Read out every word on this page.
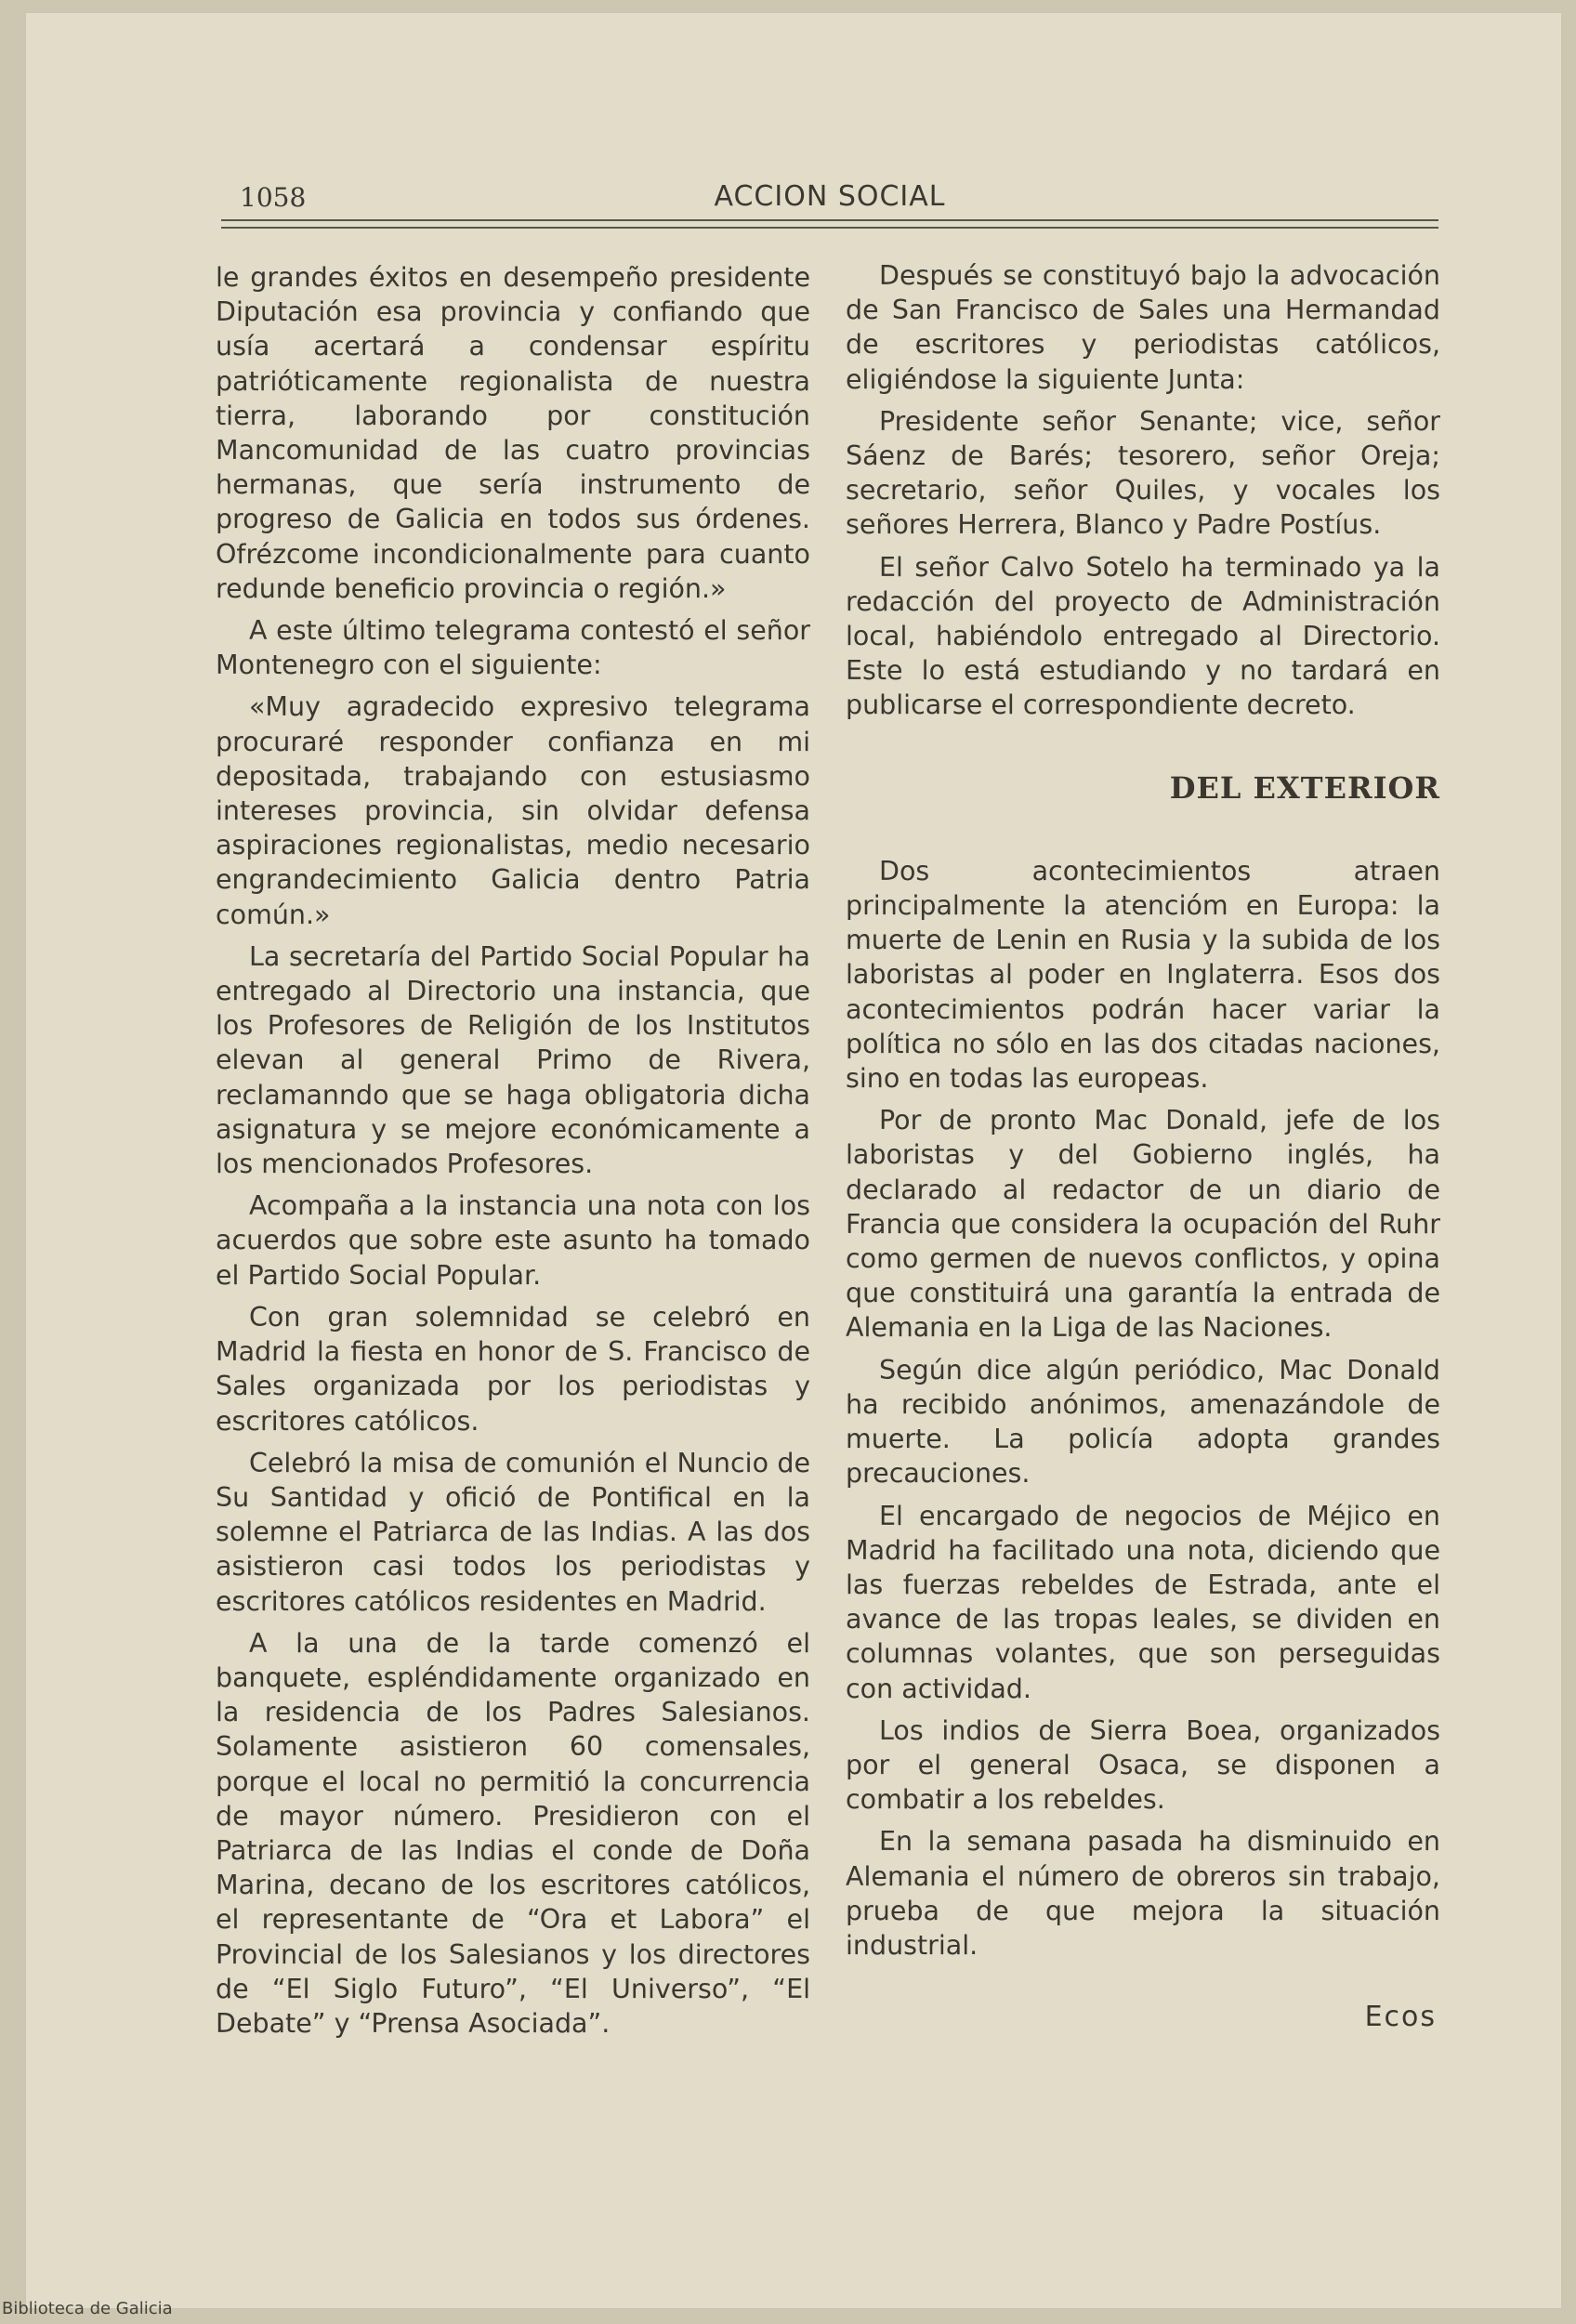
1058	ACCION SOCIAL

le grandes éxitos en desempeño presidente Diputación esa provincia y confiando que usía acertará a condensar espíritu patrióticamente regionalista de nuestra tierra, laborando por constitución Mancomunidad de las cuatro provincias hermanas, que sería instrumento de progreso de Galicia en todos sus órdenes. Ofrézcome incondicionalmente para cuanto redunde beneficio provincia o región.»

A este último telegrama contestó el señor Montenegro con el siguiente:

«Muy agradecido expresivo telegrama procuraré responder confianza en mi depositada, trabajando con estusiasmo intereses provincia, sin olvidar defensa aspiraciones regionalistas, medio necesario engrandecimiento Galicia dentro Patria común.»

La secretaría del Partido Social Popular ha entregado al Directorio una instancia, que los Profesores de Religión de los Institutos elevan al general Primo de Rivera, reclamanndo que se haga obligatoria dicha asignatura y se mejore económicamente a los mencionados Profesores.

Acompaña a la instancia una nota con los acuerdos que sobre este asunto ha tomado el Partido Social Popular.

Con gran solemnidad se celebró en Madrid la fiesta en honor de S. Francisco de Sales organizada por los periodistas y escritores católicos.

Celebró la misa de comunión el Nuncio de Su Santidad y ofició de Pontifical en la solemne el Patriarca de las Indias. A las dos asistieron casi todos los periodistas y escritores católicos residentes en Madrid.

A la una de la tarde comenzó el banquete, espléndidamente organizado en la residencia de los Padres Salesianos. Solamente asistieron 60 comensales, porque el local no permitió la concurrencia de mayor número. Presidieron con el Patriarca de las Indias el conde de Doña Marina, decano de los escritores católicos, el representante de “Ora et Labora” el Provincial de los Salesianos y los directores de “El Siglo Futuro”, “El Universo”, “El Debate” y “Prensa Asociada”.

Después se constituyó bajo la advocación de San Francisco de Sales una Hermandad de escritores y periodistas católicos, eligiéndose la siguiente Junta:

Presidente señor Senante; vice, señor Sáenz de Barés; tesorero, señor Oreja; secretario, señor Quiles, y vocales los señores Herrera, Blanco y Padre Postíus.

El señor Calvo Sotelo ha terminado ya la redacción del proyecto de Administración local, habiéndolo entregado al Directorio. Este lo está estudiando y no tardará en publicarse el correspondiente decreto.

DEL EXTERIOR

Dos acontecimientos atraen principalmente la atencióm en Europa: la muerte de Lenin en Rusia y la subida de los laboristas al poder en Inglaterra. Esos dos acontecimientos podrán hacer variar la política no sólo en las dos citadas naciones, sino en todas las europeas.

Por de pronto Mac Donald, jefe de los laboristas y del Gobierno inglés, ha declarado al redactor de un diario de Francia que considera la ocupación del Ruhr como germen de nuevos conflictos, y opina que constituirá una garantía la entrada de Alemania en la Liga de las Naciones.

Según dice algún periódico, Mac Donald ha recibido anónimos, amenazándole de muerte. La policía adopta grandes precauciones.

El encargado de negocios de Méjico en Madrid ha facilitado una nota, diciendo que las fuerzas rebeldes de Estrada, ante el avance de las tropas leales, se dividen en columnas volantes, que son perseguidas con actividad.

Los indios de Sierra Boea, organizados por el general Osaca, se disponen a combatir a los rebeldes.

En la semana pasada ha disminuido en Alemania el número de obreros sin trabajo, prueba de que mejora la situación industrial.

Ecos
Biblioteca de Galicia
